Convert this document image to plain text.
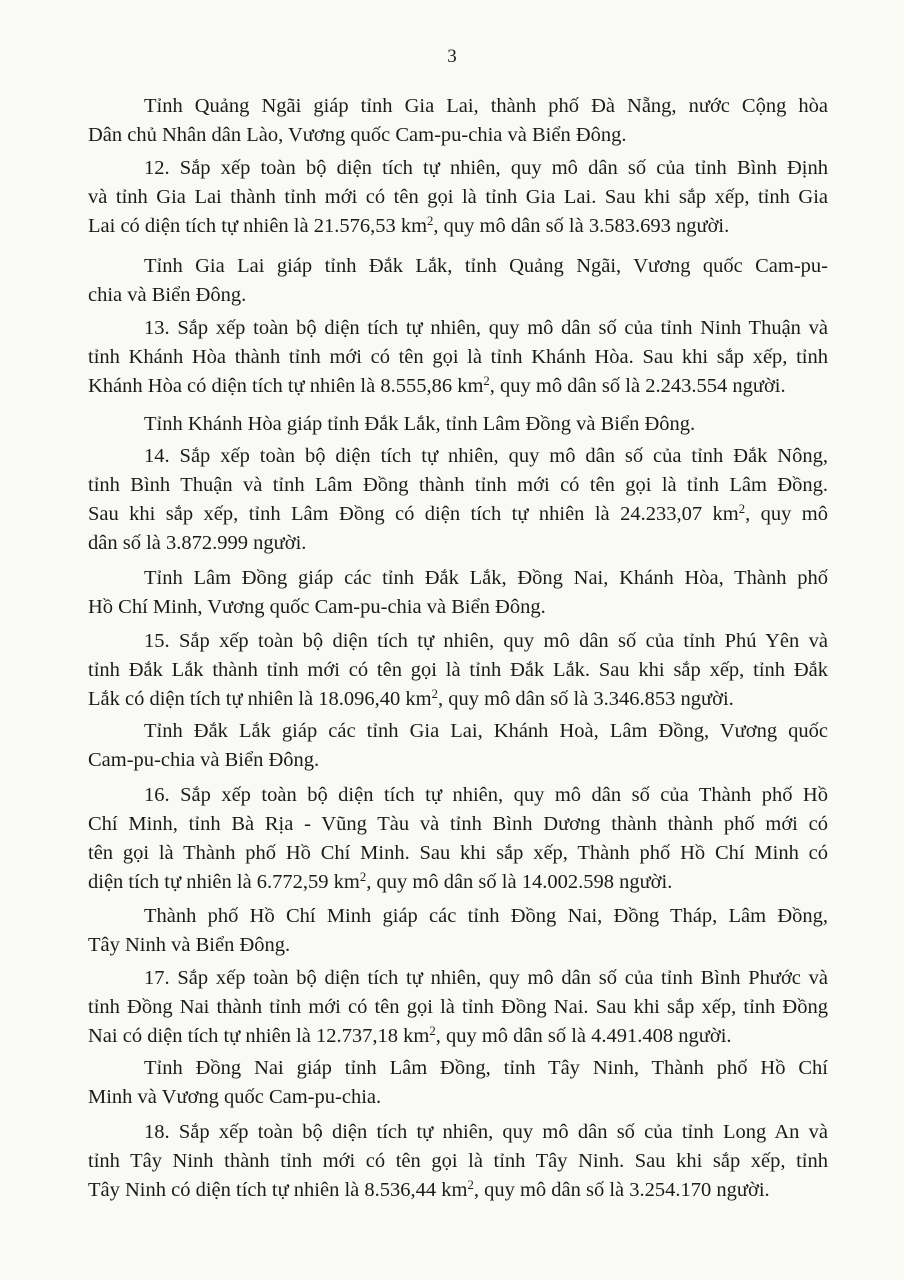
3

Tỉnh Quảng Ngãi giáp tỉnh Gia Lai, thành phố Đà Nẵng, nước Cộng hòa
Dân chủ Nhân dân Lào, Vương quốc Cam-pu-chia và Biển Đông.

12. Sắp xếp toàn bộ diện tích tự nhiên, quy mô dân số của tỉnh Bình Định
và tỉnh Gia Lai thành tỉnh mới có tên gọi là tỉnh Gia Lai. Sau khi sắp xếp, tỉnh Gia
Lai có diện tích tự nhiên là 21.576,53 $km^2$, quy mô dân số là 3.583.693 người.

Tỉnh Gia Lai giáp tỉnh Đắk Lắk, tỉnh Quảng Ngãi, Vương quốc Cam-pu-
chia và Biển Đông.

13. Sắp xếp toàn bộ diện tích tự nhiên, quy mô dân số của tỉnh Ninh Thuận và
tỉnh Khánh Hòa thành tỉnh mới có tên gọi là tỉnh Khánh Hòa. Sau khi sắp xếp, tỉnh
Khánh Hòa có diện tích tự nhiên là 8.555,86 $km^2$, quy mô dân số là 2.243.554 người.

Tỉnh Khánh Hòa giáp tỉnh Đắk Lắk, tỉnh Lâm Đồng và Biển Đông.

14. Sắp xếp toàn bộ diện tích tự nhiên, quy mô dân số của tỉnh Đắk Nông,
tỉnh Bình Thuận và tỉnh Lâm Đồng thành tỉnh mới có tên gọi là tỉnh Lâm Đồng.
Sau khi sắp xếp, tỉnh Lâm Đồng có diện tích tự nhiên là 24.233,07 $km^2$, quy mô
dân số là 3.872.999 người.

Tỉnh Lâm Đồng giáp các tỉnh Đắk Lắk, Đồng Nai, Khánh Hòa, Thành phố
Hồ Chí Minh, Vương quốc Cam-pu-chia và Biển Đông.

15. Sắp xếp toàn bộ diện tích tự nhiên, quy mô dân số của tỉnh Phú Yên và
tỉnh Đắk Lắk thành tỉnh mới có tên gọi là tỉnh Đắk Lắk. Sau khi sắp xếp, tỉnh Đắk
Lắk có diện tích tự nhiên là 18.096,40 $km^2$, quy mô dân số là 3.346.853 người.

Tỉnh Đắk Lắk giáp các tỉnh Gia Lai, Khánh Hoà, Lâm Đồng, Vương quốc
Cam-pu-chia và Biển Đông.

16. Sắp xếp toàn bộ diện tích tự nhiên, quy mô dân số của Thành phố Hồ
Chí Minh, tỉnh Bà Rịa - Vũng Tàu và tỉnh Bình Dương thành thành phố mới có
tên gọi là Thành phố Hồ Chí Minh. Sau khi sắp xếp, Thành phố Hồ Chí Minh có
diện tích tự nhiên là 6.772,59 $km^2$, quy mô dân số là 14.002.598 người.

Thành phố Hồ Chí Minh giáp các tỉnh Đồng Nai, Đồng Tháp, Lâm Đồng,
Tây Ninh và Biển Đông.

17. Sắp xếp toàn bộ diện tích tự nhiên, quy mô dân số của tỉnh Bình Phước và
tỉnh Đồng Nai thành tỉnh mới có tên gọi là tỉnh Đồng Nai. Sau khi sắp xếp, tỉnh Đồng
Nai có diện tích tự nhiên là 12.737,18 $km^2$, quy mô dân số là 4.491.408 người.

Tỉnh Đồng Nai giáp tỉnh Lâm Đồng, tỉnh Tây Ninh, Thành phố Hồ Chí
Minh và Vương quốc Cam-pu-chia.

18. Sắp xếp toàn bộ diện tích tự nhiên, quy mô dân số của tỉnh Long An và
tỉnh Tây Ninh thành tỉnh mới có tên gọi là tỉnh Tây Ninh. Sau khi sắp xếp, tỉnh
Tây Ninh có diện tích tự nhiên là 8.536,44 $km^2$, quy mô dân số là 3.254.170 người.
